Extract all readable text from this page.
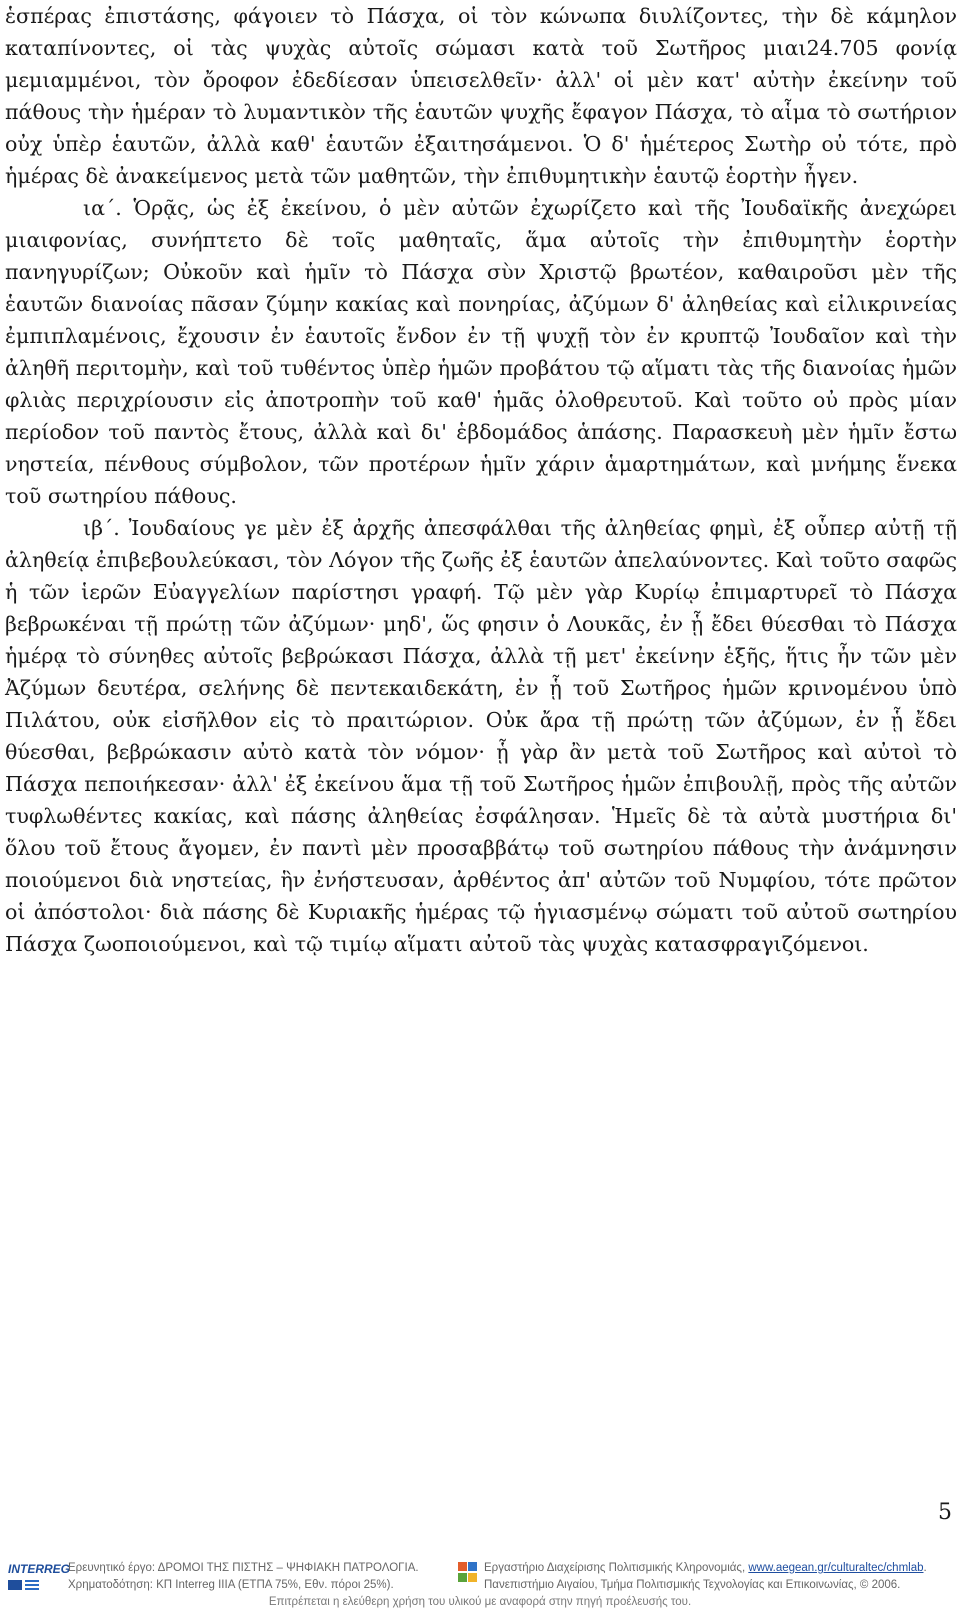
ἑσπέρας ἐπιστάσης, φάγοιεν τὸ Πάσχα, οἱ τὸν κώνωπα διυλίζοντες, τὴν δὲ κάμηλον καταπίνοντες, οἱ τὰς ψυχὰς αὐτοῖς σώμασι κατὰ τοῦ Σωτῆρος μιαι24.705 φονίᾳ μεμιαμμένοι, τὸν ὄροφον ἐδεδίεσαν ὑπεισελθεῖν· ἀλλ' οἱ μὲν κατ' αὐτὴν ἐκείνην τοῦ πάθους τὴν ἡμέραν τὸ λυμαντικὸν τῆς ἑαυτῶν ψυχῆς ἔφαγον Πάσχα, τὸ αἷμα τὸ σωτήριον οὐχ ὑπὲρ ἑαυτῶν, ἀλλὰ καθ' ἑαυτῶν ἐξαιτησάμενοι. Ὁ δ' ἡμέτερος Σωτὴρ οὐ τότε, πρὸ ἡμέρας δὲ ἀνακείμενος μετὰ τῶν μαθητῶν, τὴν ἐπιθυμητικὴν ἑαυτῷ ἑορτὴν ἦγεν.

ια΄. Ὁρᾷς, ὡς ἐξ ἐκείνου, ὁ μὲν αὐτῶν ἐχωρίζετο καὶ τῆς Ἰουδαϊκῆς ἀνεχώρει μιαιφονίας, συνήπτετο δὲ τοῖς μαθηταῖς, ἅμα αὐτοῖς τὴν ἐπιθυμητὴν ἑορτὴν πανηγυρίζων; Οὐκοῦν καὶ ἡμῖν τὸ Πάσχα σὺν Χριστῷ βρωτέον, καθαιροῦσι μὲν τῆς ἑαυτῶν διανοίας πᾶσαν ζύμην κακίας καὶ πονηρίας, ἀζύμων δ' ἀληθείας καὶ εἰλικρινείας ἐμπιπλαμένοις, ἔχουσιν ἐν ἑαυτοῖς ἔνδον ἐν τῇ ψυχῇ τὸν ἐν κρυπτῷ Ἰουδαῖον καὶ τὴν ἀληθῆ περιτομὴν, καὶ τοῦ τυθέντος ὑπὲρ ἡμῶν προβάτου τῷ αἵματι τὰς τῆς διανοίας ἡμῶν φλιὰς περιχρίουσιν εἰς ἀποτροπὴν τοῦ καθ' ἡμᾶς ὀλοθρευτοῦ. Καὶ τοῦτο οὐ πρὸς μίαν περίοδον τοῦ παντὸς ἔτους, ἀλλὰ καὶ δι' ἑβδομάδος ἁπάσης. Παρασκευὴ μὲν ἡμῖν ἔστω νηστεία, πένθους σύμβολον, τῶν προτέρων ἡμῖν χάριν ἁμαρτημάτων, καὶ μνήμης ἕνεκα τοῦ σωτηρίου πάθους.

ιβ΄. Ἰουδαίους γε μὲν ἐξ ἀρχῆς ἀπεσφάλθαι τῆς ἀληθείας φημὶ, ἐξ οὗπερ αὐτῇ τῇ ἀληθείᾳ ἐπιβεβουλεύκασι, τὸν Λόγον τῆς ζωῆς ἐξ ἑαυτῶν ἀπελαύνοντες. Καὶ τοῦτο σαφῶς ἡ τῶν ἱερῶν Εὐαγγελίων παρίστησι γραφή. Τῷ μὲν γὰρ Κυρίῳ ἐπιμαρτυρεῖ τὸ Πάσχα βεβρωκέναι τῇ πρώτῃ τῶν ἀζύμων· μηδ', ὥς φησιν ὁ Λουκᾶς, ἐν ᾗ ἔδει θύεσθαι τὸ Πάσχα ἡμέρᾳ τὸ σύνηθες αὐτοῖς βεβρώκασι Πάσχα, ἀλλὰ τῇ μετ' ἐκείνην ἑξῆς, ἥτις ἦν τῶν μὲν Ἀζύμων δευτέρα, σελήνης δὲ πεντεκαιδεκάτη, ἐν ᾗ τοῦ Σωτῆρος ἡμῶν κρινομένου ὑπὸ Πιλάτου, οὐκ εἰσῆλθον εἰς τὸ πραιτώριον. Οὐκ ἄρα τῇ πρώτῃ τῶν ἀζύμων, ἐν ᾗ ἔδει θύεσθαι, βεβρώκασιν αὐτὸ κατὰ τὸν νόμον· ᾗ γὰρ ἂν μετὰ τοῦ Σωτῆρος καὶ αὐτοὶ τὸ Πάσχα πεποιήκεσαν· ἀλλ' ἐξ ἐκείνου ἅμα τῇ τοῦ Σωτῆρος ἡμῶν ἐπιβουλῇ, πρὸς τῆς αὐτῶν τυφλωθέντες κακίας, καὶ πάσης ἀληθείας ἐσφάλησαν. Ἡμεῖς δὲ τὰ αὐτὰ μυστήρια δι' ὅλου τοῦ ἔτους ἄγομεν, ἐν παντὶ μὲν προσαββάτῳ τοῦ σωτηρίου πάθους τὴν ἀνάμνησιν ποιούμενοι διὰ νηστείας, ἣν ἐνήστευσαν, ἀρθέντος ἀπ' αὐτῶν τοῦ Νυμφίου, τότε πρῶτον οἱ ἀπόστολοι· διὰ πάσης δὲ Κυριακῆς ἡμέρας τῷ ἡγιασμένῳ σώματι τοῦ αὐτοῦ σωτηρίου Πάσχα ζωοποιούμενοι, καὶ τῷ τιμίῳ αἵματι αὐτοῦ τὰς ψυχὰς κατασφραγιζόμενοι.

5
INTERREG

Ερευνητικό έργο: ΔΡΟΜΟΙ ΤΗΣ ΠΙΣΤΗΣ – ΨΗΦΙΑΚΗ ΠΑΤΡΟΛΟΓΙΑ.
Χρηματοδότηση: ΚΠ Interreg IIIA (ΕΤΠΑ 75%, Εθν. πόροι 25%).
Εργαστήριο Διαχείρισης Πολιτισμικής Κληρονομιάς, www.aegean.gr/culturaltec/chmlab.
Πανεπιστήμιο Αιγαίου, Τμήμα Πολιτισμικής Τεχνολογίας και Επικοινωνίας, © 2006.
Επιτρέπεται η ελεύθερη χρήση του υλικού με αναφορά στην πηγή προέλευσής του.
